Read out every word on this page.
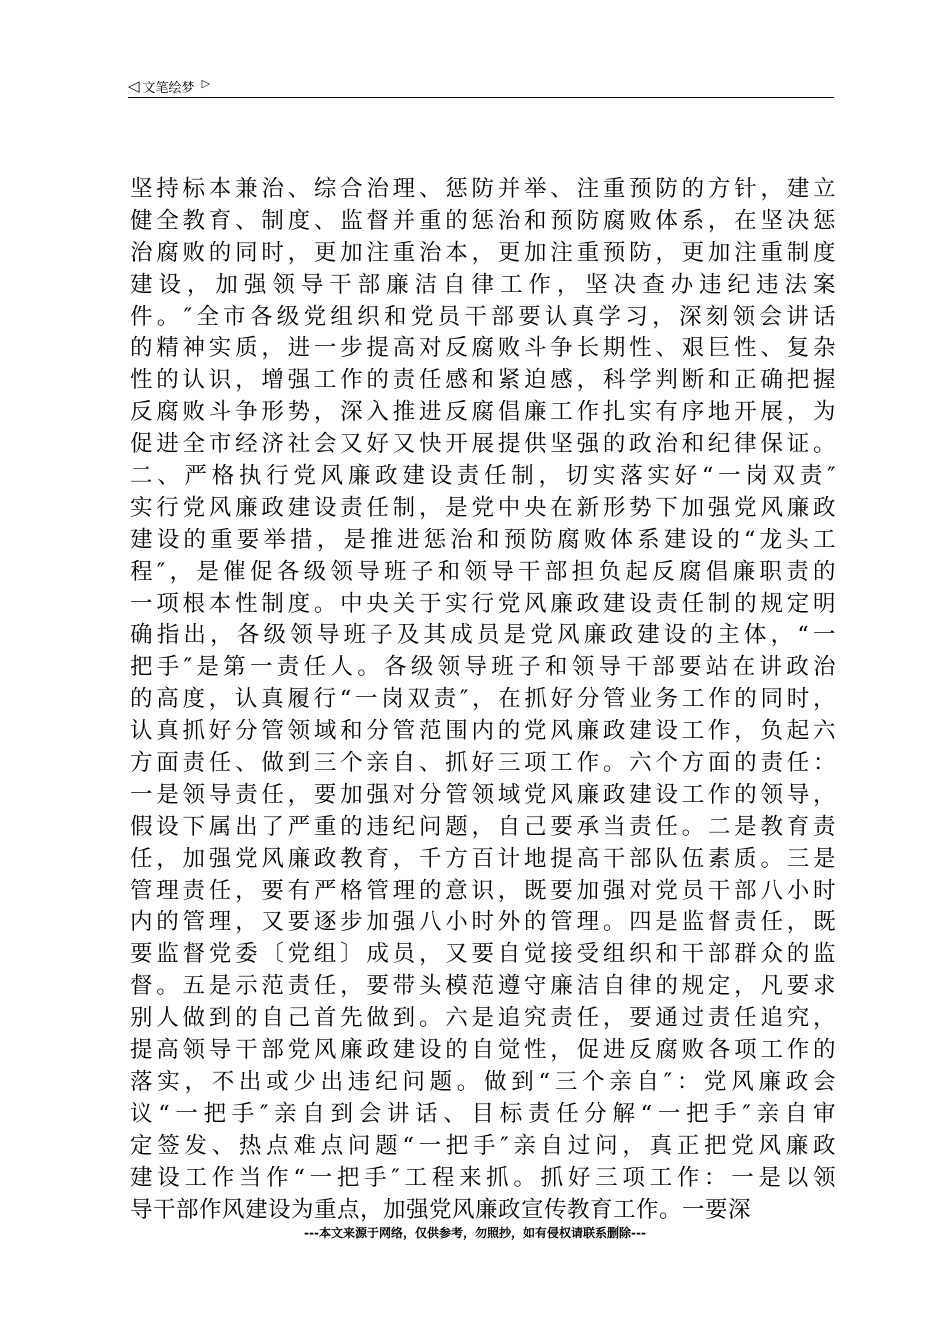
◁ 文笔绘梦 ▷
坚持标本兼治、综合治理、惩防并举、注重预防的方针，建立
健全教育、制度、监督并重的惩治和预防腐败体系，在坚决惩
治腐败的同时，更加注重治本，更加注重预防，更加注重制度
建设，加强领导干部廉洁自律工作，坚决查办违纪违法案
件。″全市各级党组织和党员干部要认真学习，深刻领会讲话
的精神实质，进一步提高对反腐败斗争长期性、艰巨性、复杂
性的认识，增强工作的责任感和紧迫感，科学判断和正确把握
反腐败斗争形势，深入推进反腐倡廉工作扎实有序地开展，为
促进全市经济社会又好又快开展提供坚强的政治和纪律保证。
二、严格执行党风廉政建设责任制，切实落实好“一岗双责″
实行党风廉政建设责任制，是党中央在新形势下加强党风廉政
建设的重要举措，是推进惩治和预防腐败体系建设的“龙头工
程″，是催促各级领导班子和领导干部担负起反腐倡廉职责的
一项根本性制度。中央关于实行党风廉政建设责任制的规定明
确指出，各级领导班子及其成员是党风廉政建设的主体，“一
把手″是第一责任人。各级领导班子和领导干部要站在讲政治
的高度，认真履行“一岗双责″，在抓好分管业务工作的同时，
认真抓好分管领域和分管范围内的党风廉政建设工作，负起六
方面责任、做到三个亲自、抓好三项工作。六个方面的责任：
一是领导责任，要加强对分管领域党风廉政建设工作的领导，
假设下属出了严重的违纪问题，自己要承当责任。二是教育责
任，加强党风廉政教育，千方百计地提高干部队伍素质。三是
管理责任，要有严格管理的意识，既要加强对党员干部八小时
内的管理，又要逐步加强八小时外的管理。四是监督责任，既
要监督党委〔党组〕成员，又要自觉接受组织和干部群众的监
督。五是示范责任，要带头模范遵守廉洁自律的规定，凡要求
别人做到的自己首先做到。六是追究责任，要通过责任追究，
提高领导干部党风廉政建设的自觉性，促进反腐败各项工作的
落实，不出或少出违纪问题。做到“三个亲自″：党风廉政会
议“一把手″亲自到会讲话、目标责任分解“一把手″亲自审
定签发、热点难点问题“一把手″亲自过问，真正把党风廉政
建设工作当作“一把手″工程来抓。抓好三项工作：一是以领
导干部作风建设为重点，加强党风廉政宣传教育工作。一要深
---本文来源于网络，仅供参考，勿照抄，如有侵权请联系删除---
